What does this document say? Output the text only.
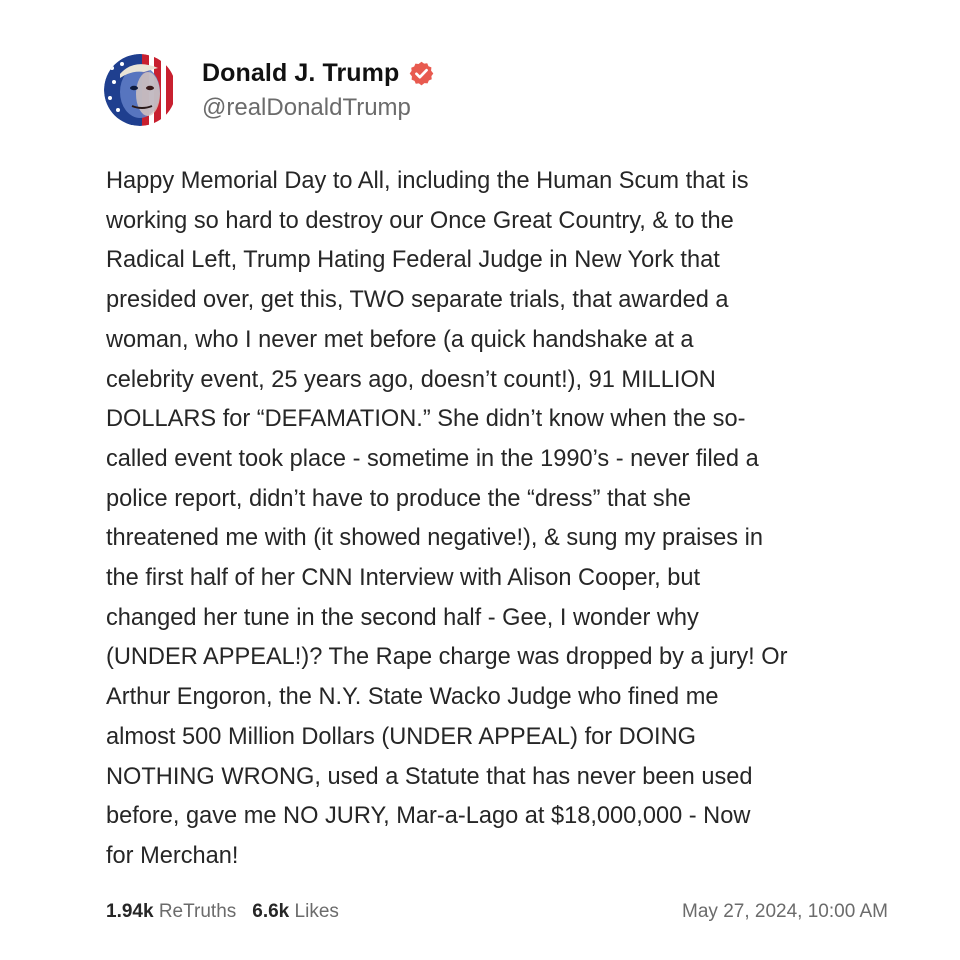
Donald J. Trump
@realDonaldTrump
Happy Memorial Day to All, including the Human Scum that is
working so hard to destroy our Once Great Country, & to the
Radical Left, Trump Hating Federal Judge in New York that
presided over, get this, TWO separate trials, that awarded a
woman, who I never met before (a quick handshake at a
celebrity event, 25 years ago, doesn’t count!), 91 MILLION
DOLLARS for “DEFAMATION.” She didn’t know when the so-
called event took place - sometime in the 1990’s - never filed a
police report, didn’t have to produce the “dress” that she
threatened me with (it showed negative!), & sung my praises in
the first half of her CNN Interview with Alison Cooper, but
changed her tune in the second half - Gee, I wonder why
(UNDER APPEAL!)? The Rape charge was dropped by a jury! Or
Arthur Engoron, the N.Y. State Wacko Judge who fined me
almost 500 Million Dollars (UNDER APPEAL) for DOING
NOTHING WRONG, used a Statute that has never been used
before, gave me NO JURY, Mar-a-Lago at $18,000,000 - Now
for Merchan!
1.94k ReTruths 6.6k Likes	May 27, 2024, 10:00 AM
